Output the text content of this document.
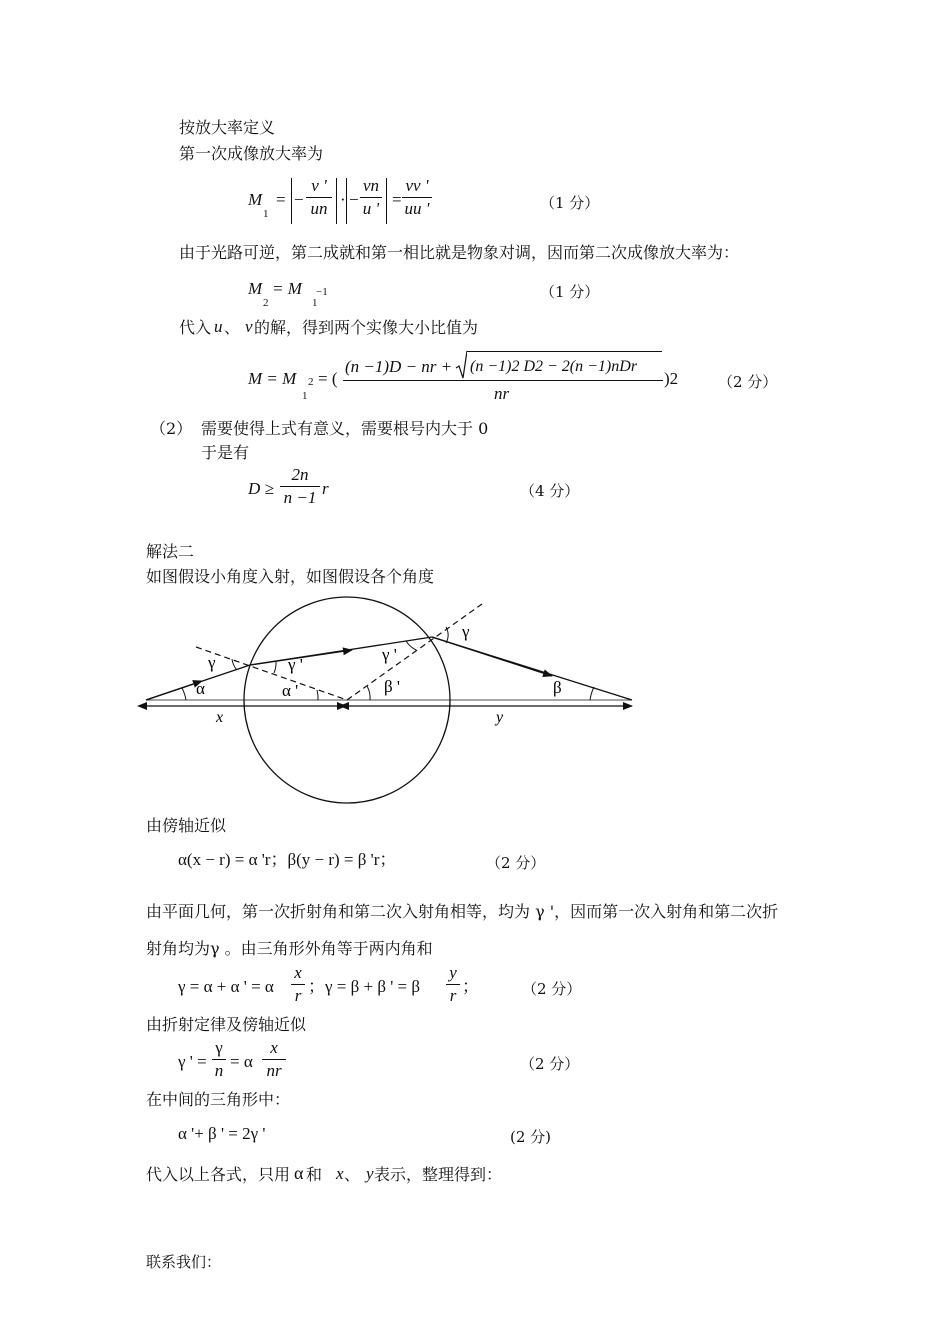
按放大率定义
第一次成像放大率为
M
1
= −
v '
un · −
vn
u ' =
vv '
uu '	（1 分）
由于光路可逆，第二成就和第一相比就是物象对调，因而第二次成像放大率为：
M
2
= M
1
−1	（1 分）
代入 u 、 v 的解，得到两个实像大小比值为
M = M
1
2 = (
(n −1)D − nr + (n −1)2 D2 − 2(n −1)nDr
nr
)2	（2 分）
（2） 需要使得上式有意义，需要根号内大于 0
于是有
D ≥
2n
n −1 r	（4 分）
解法二
如图假设小角度入射，如图假设各个角度
γ	γ '
α	α '
γ '
β '
γ
β
x	y
由傍轴近似
α(x − r) = α 'r；β(y − r) = β 'r；	（2 分）
由平面几何，第一次折射角和第二次入射角相等，均为 γ '，因而第一次入射角和第二次折
射角均为γ 。由三角形外角等于两内角和
γ = α + α ' = α
x
r ；γ = β + β ' = β
y
r ；	（2 分）
由折射定律及傍轴近似
γ ' =
γ
n = α
x
nr	（2 分）
在中间的三角形中：
α '+ β ' = 2γ '	(2 分)
代入以上各式，只用 α 和 x 、 y 表示，整理得到：
联系我们：
